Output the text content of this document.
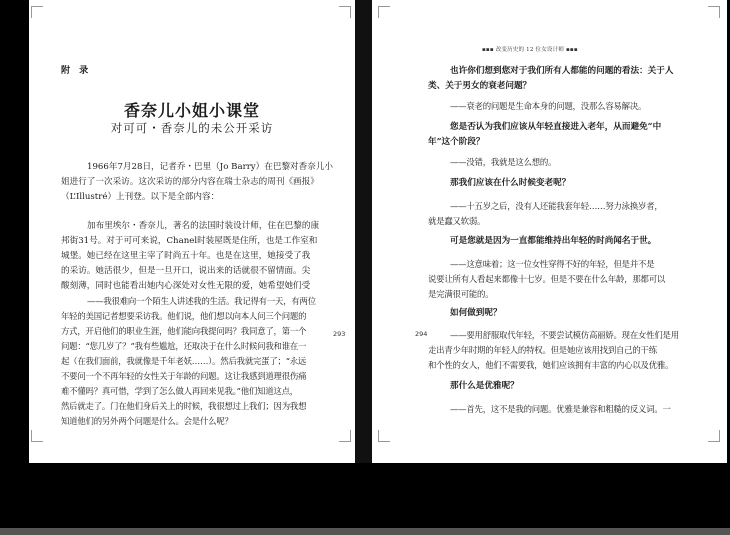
附 录
香奈儿小姐小课堂
对可可・香奈儿的未公开采访
1966年7月28日，记者乔・巴里（Jo Barry）在巴黎对香奈儿小
姐进行了一次采访。这次采访的部分内容在瑞士杂志的周刊《画报》
（L’Illustré）上刊登。以下是全部内容：
加布里埃尔・香奈儿，著名的法国时装设计师，住在巴黎的康
邦街31号。对于可可来说，Chanel时装屋既是住所，也是工作室和
城堡。她已经在这里主宰了时尚五十年。也是在这里，她接受了我
的采访。她活很少，但是一旦开口，说出来的话就很不留情面。尖
酸刻薄，同时也能看出她内心深处对女性无限的爱，她希望她们受
——我很难向一个陌生人讲述我的生活。我记得有一天，有两位
年轻的美国记者想要采访我。他们说，他们想以向本人问三个问题的
方式，开启他们的职业生涯，他们能向我提问吗？我同意了，第一个
问题：“您几岁了？”我有些尴尬，还取决于在什么时候问我和谁在一
起（在我们面前，我就像是千年老妖……）。然后我就完蛋了；“永远
不要问一个不再年轻的女性关于年龄的问题。这让我感到道理很伤痛
难不懂吗？真可惜，学到了怎么做人再回来见我。”他们知道这点，
然后就走了。门在他们身后关上的时候，我很想过上我们；因为我想
知道他们的另外两个问题是什么。会是什么呢？
293
▪▪▪ 改变历史的 12 位女设计师 ▪▪▪
也许你们想到您对于我们所有人都能的问题的看法：关于人
类、关于男女的衰老问题？
——衰老的问题是生命本身的问题，没那么容易解决。
您是否认为我们应该从年轻直接进入老年，从而避免“中
年”这个阶段？
——没错，我就是这么想的。
那我们应该在什么时候变老呢？
——十五岁之后，没有人还能我套年轻……努力泳换岁者，
就是蠢又软弱。
可是您就是因为一直都能维持出年轻的时尚闻名于世。
——这意味着；这一位女性穿得不好的年轻，但是并不是
说要让所有人看起来都像十七岁。但是不要在什么年龄，那都可以
是完满很可能的。
如何做到呢？
——要用舒服取代年轻，不要尝试模仿高丽娇。现在女性们是用
走出青少年时期的年轻人的特权。但是她应该用找到自己的干练
和个性的女人，他们不需要我，她们应该拥有丰富的内心以及优雅。
那什么是优雅呢？
——首先，这不是我的问题。优雅是兼容和粗糙的反义词。一
294
